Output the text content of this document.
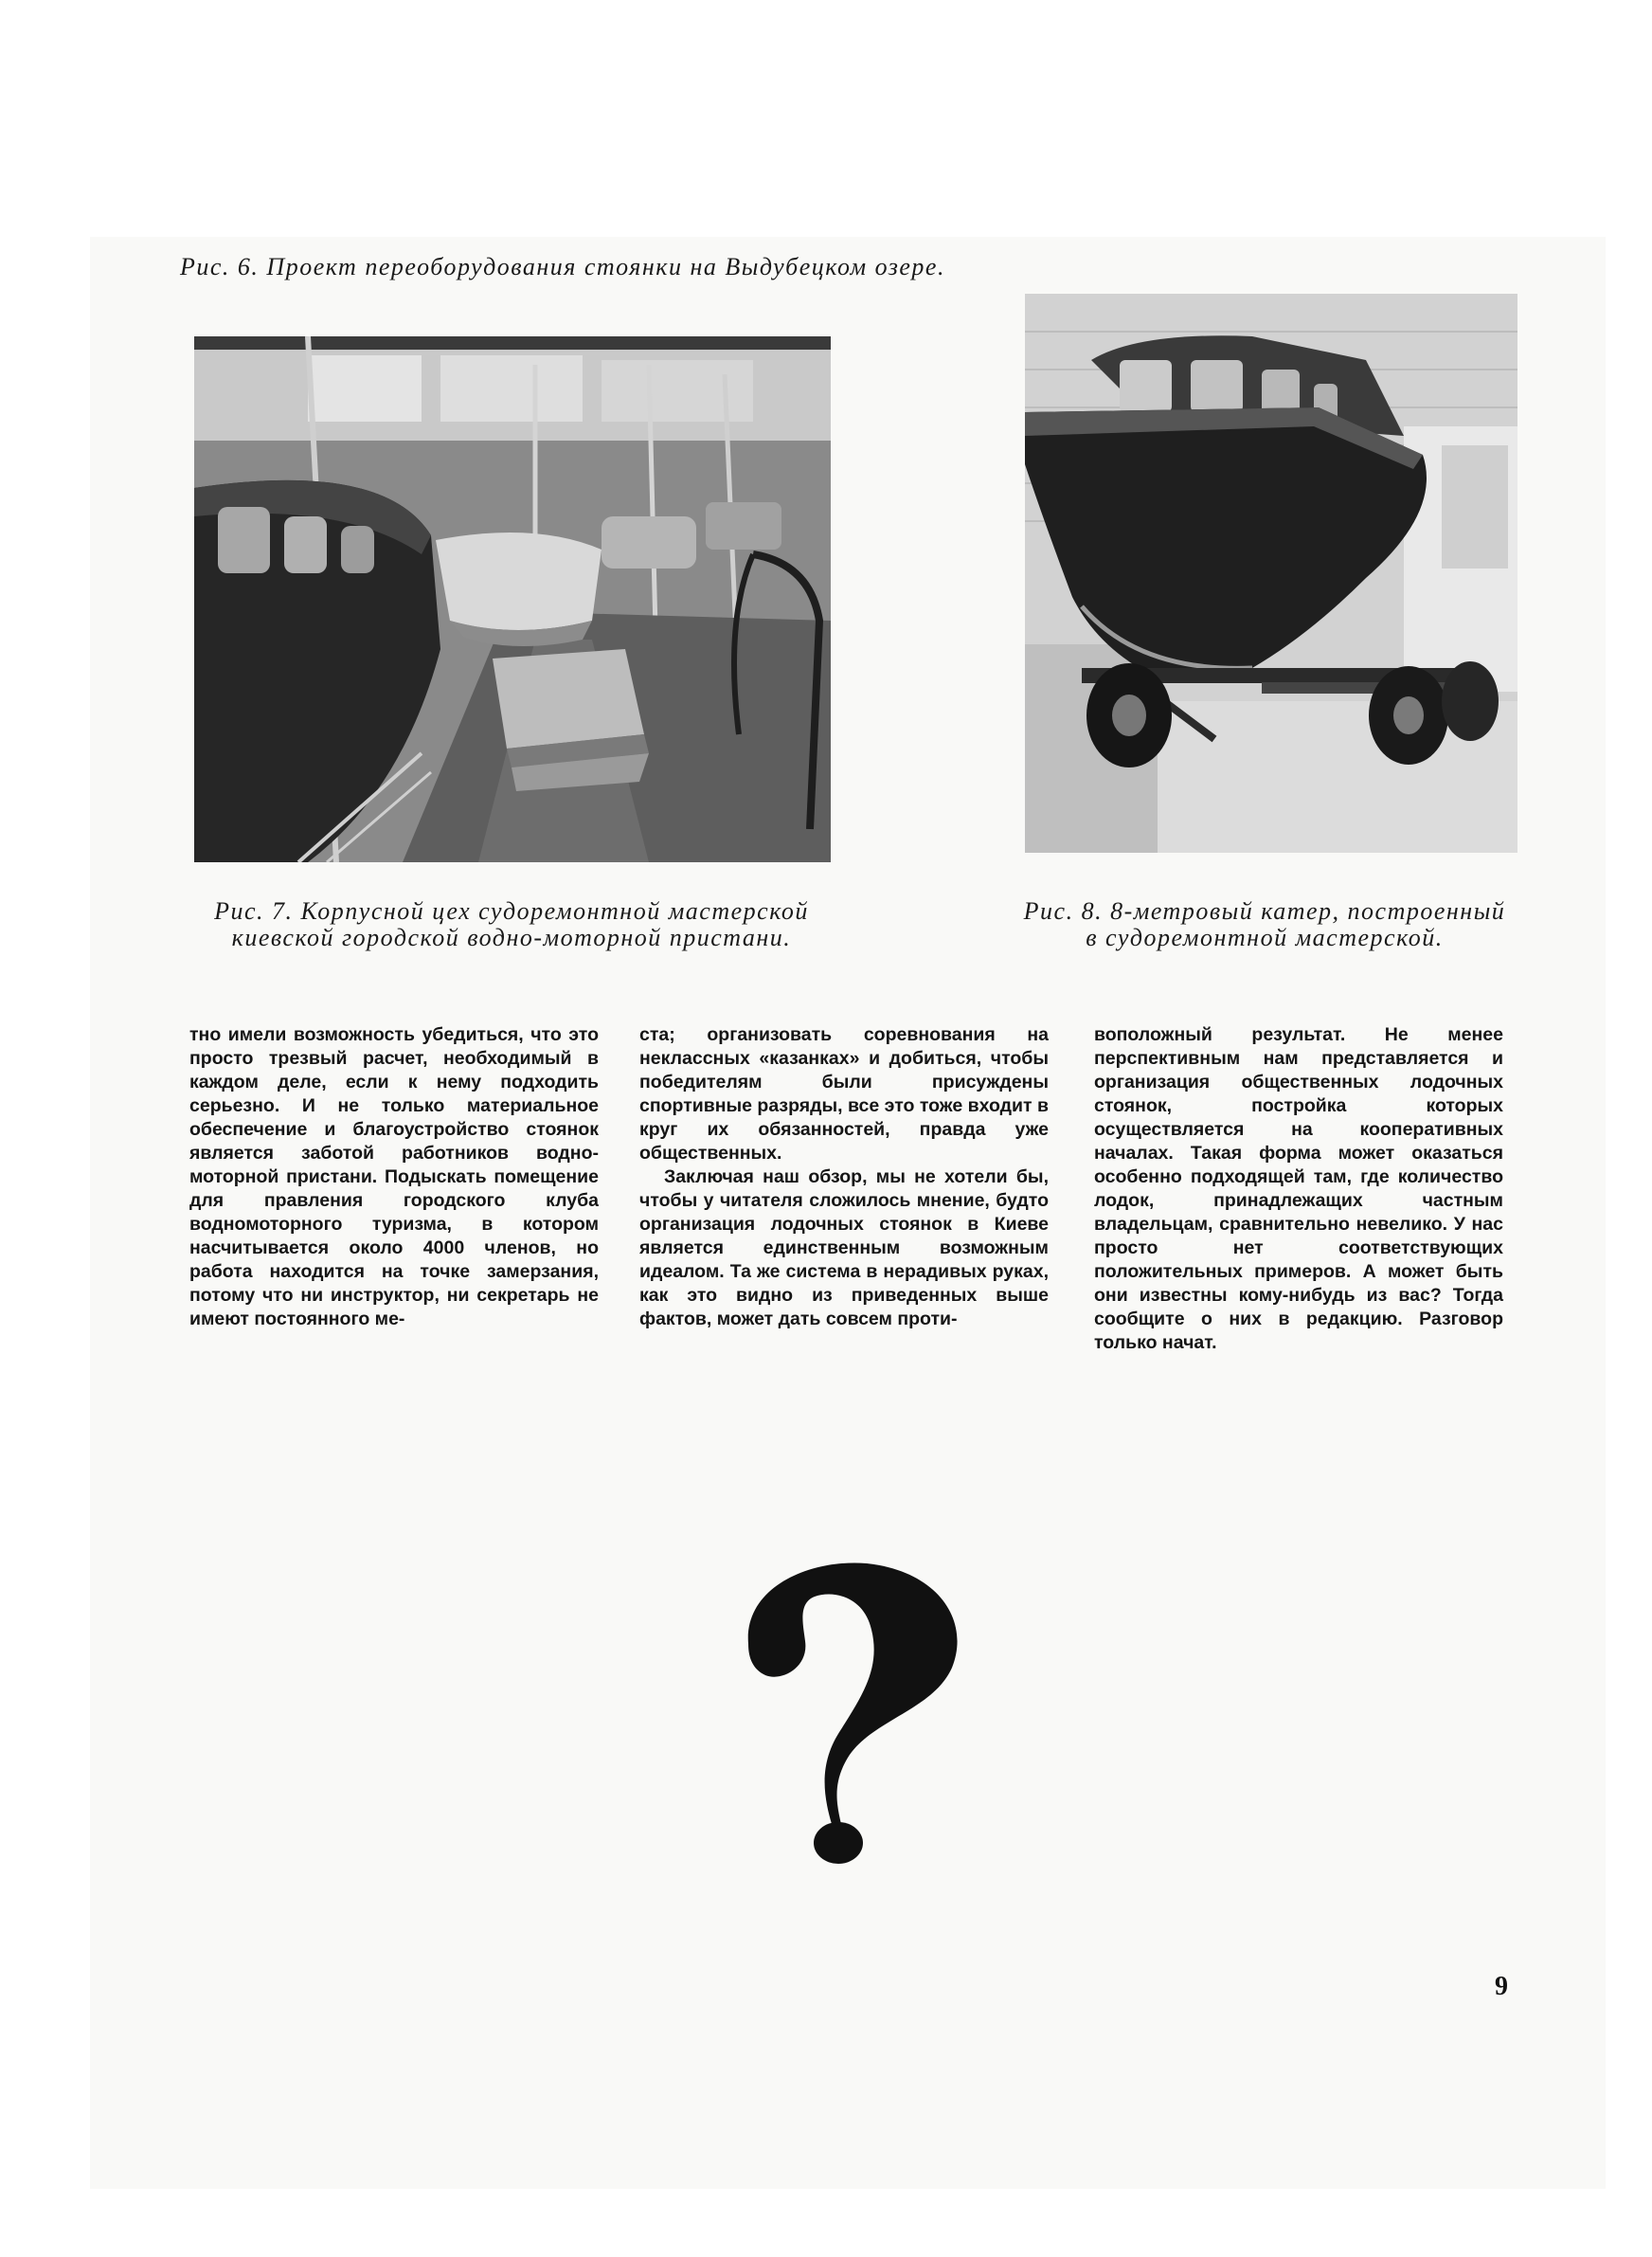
Рис. 6. Проект переоборудования стоянки на Выдубецком озере.
Рис. 7. Корпусной цех судоремонтной мастерской
киевской городской водно-моторной пристани.
Рис. 8. 8-метровый катер, построенный
в судоремонтной мастерской.

тно имели возможность убедиться, что это просто трезвый расчет, необходимый в каждом деле, если к нему подходить серьезно. И не только материальное обеспечение и благоустройство стоянок является заботой работников водно-моторной пристани. Подыскать помещение для правления городского клуба водномоторного туризма, в котором насчитывается около 4000 членов, но работа находится на точке замерзания, потому что ни инструктор, ни секретарь не имеют постоянного ме-

ста; организовать соревнования на неклассных «казанках» и добиться, чтобы победителям были присуждены спортивные разряды, все это тоже входит в круг их обязанностей, правда уже общественных.

Заключая наш обзор, мы не хотели бы, чтобы у читателя сложилось мнение, будто организация лодочных стоянок в Киеве является единственным возможным идеалом. Та же система в нерадивых руках, как это видно из приведенных выше фактов, может дать совсем проти-

воположный результат. Не менее перспективным нам представляется и организация общественных лодочных стоянок, постройка которых осуществляется на кооперативных началах. Такая форма может оказаться особенно подходящей там, где количество лодок, принадлежащих частным владельцам, сравнительно невелико. У нас просто нет соответствующих положительных примеров. А может быть они известны кому-нибудь из вас? Тогда сообщите о них в редакцию. Разговор только начат.

9
